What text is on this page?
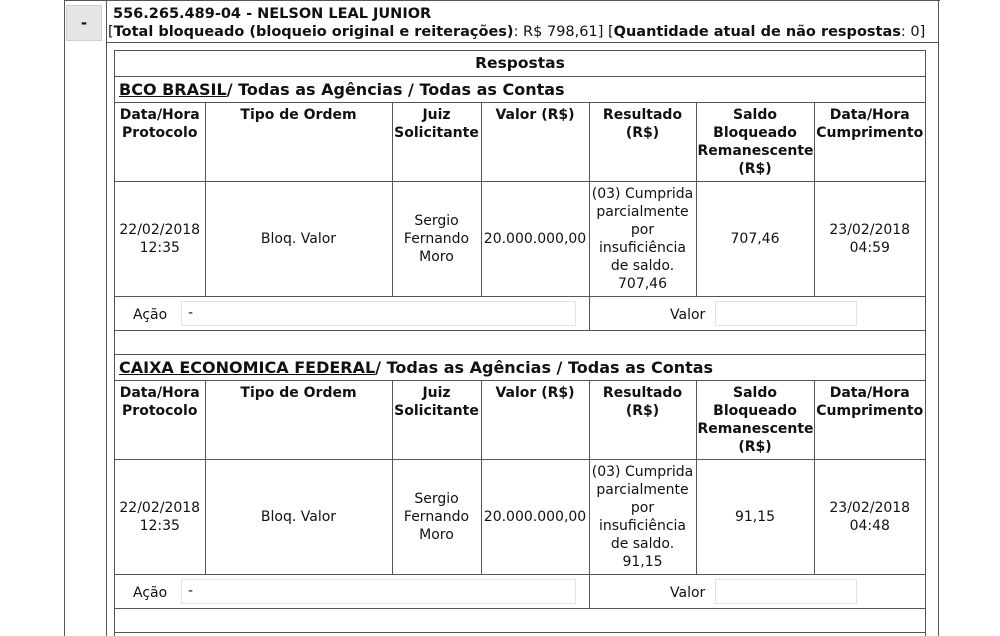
-	556.265.489-04 - NELSON LEAL JUNIOR
[Total bloqueado (bloqueio original e reiterações): R$ 798,61] [Quantidade atual de não respostas: 0]
Respostas
BCO BRASIL/ Todas as Agências / Todas as Contas
Data/Hora Protocolo	Tipo de Ordem	Juiz Solicitante	Valor (R$)	Resultado (R$)	Saldo Bloqueado Remanescente (R$)	Data/Hora Cumprimento
22/02/2018 12:35	Bloq. Valor	Sergio Fernando Moro	20.000.000,00	(03) Cumprida parcialmente por insuficiência de saldo. 707,46	707,46	23/02/2018 04:59
Ação	-	Valor
CAIXA ECONOMICA FEDERAL/ Todas as Agências / Todas as Contas
Data/Hora Protocolo	Tipo de Ordem	Juiz Solicitante	Valor (R$)	Resultado (R$)	Saldo Bloqueado Remanescente (R$)	Data/Hora Cumprimento
22/02/2018 12:35	Bloq. Valor	Sergio Fernando Moro	20.000.000,00	(03) Cumprida parcialmente por insuficiência de saldo. 91,15	91,15	23/02/2018 04:48
Ação	-	Valor
